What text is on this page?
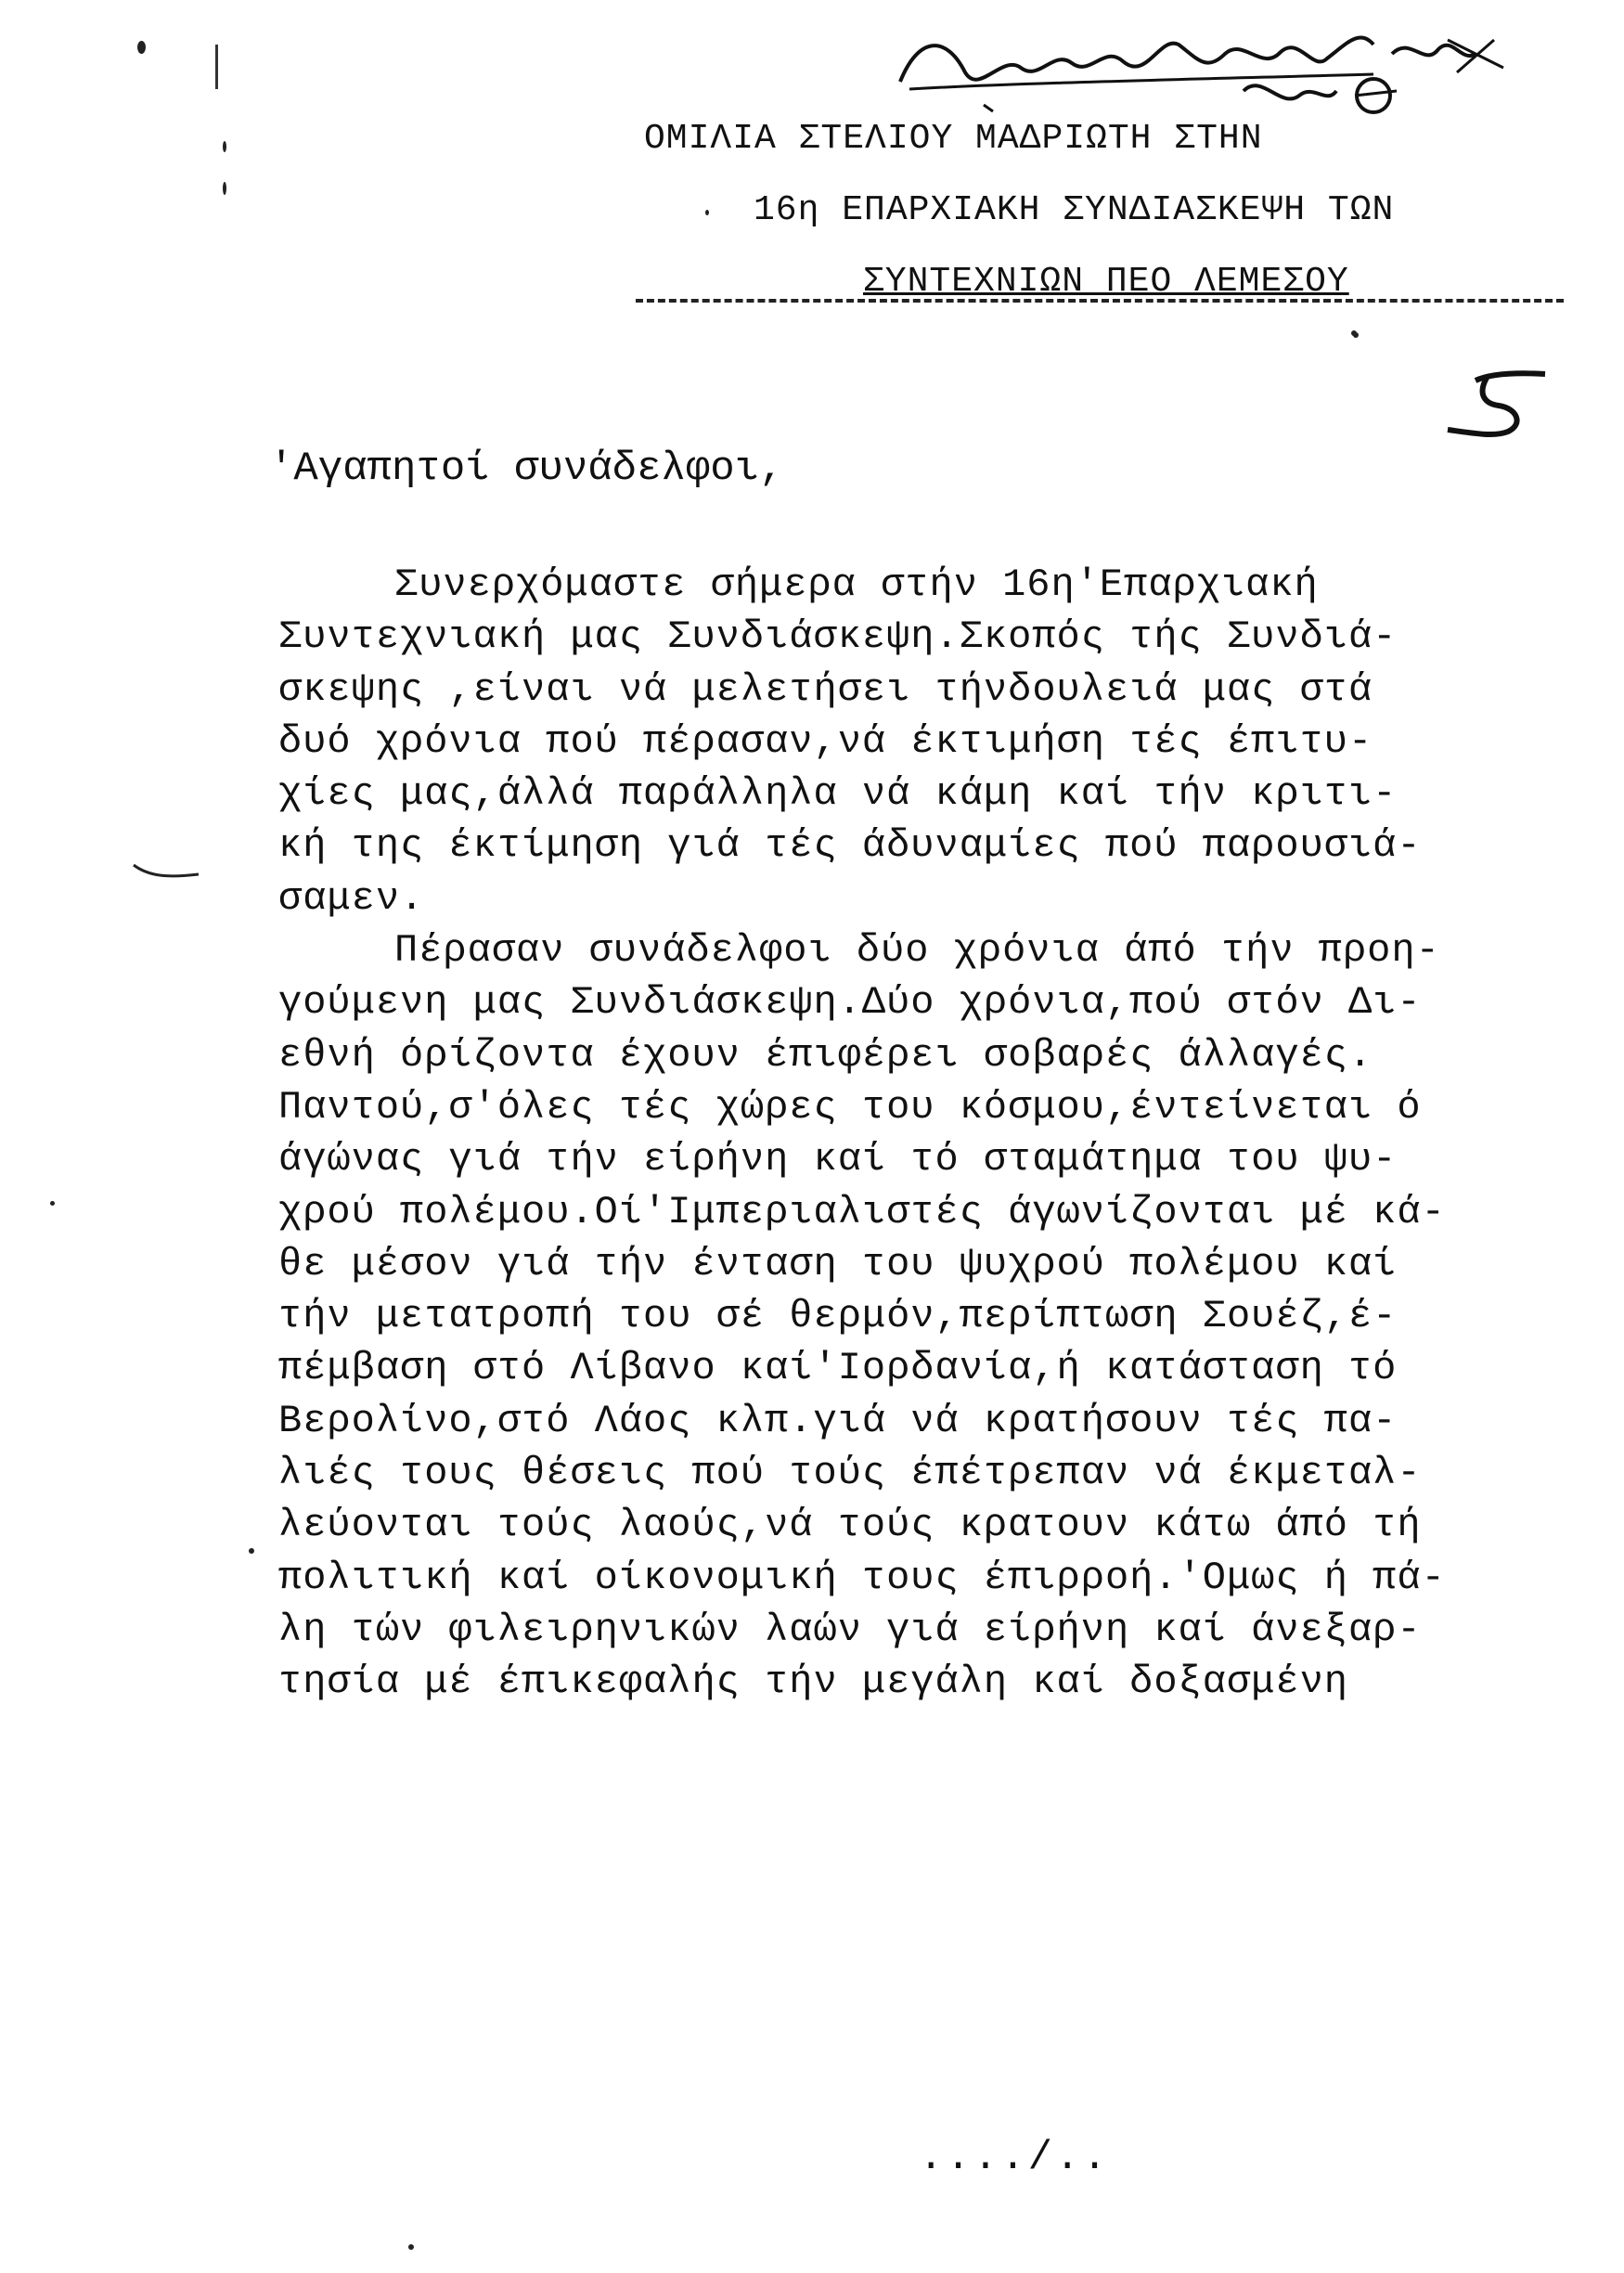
ΟΜΙΛΙΑ ΣΤΕΛΙΟΥ ΜΑΔΡΙΩΤΗ ΣΤΗΝ
16η ΕΠΑΡΧΙΑΚΗ ΣΥΝΔΙΑΣΚΕΨΗ ΤΩΝ
ΣΥΝΤΕΧΝΙΩΝ ΠΕΟ ΛΕΜΕΣΟΥ
'Αγαπητοί συνάδελφοι,
Συνερχόμαστε σήμερα στήν 16η'Επαρχιακή
Συντεχνιακή μας Συνδιάσκεψη.Σκοπός τής Συνδιά-
σκεψης ,είναι νά μελετήσει τήνδουλειά μας στά
δυό χρόνια πού πέρασαν,νά έκτιμήση τές έπιτυ-
χίες μας,άλλά παράλληλα νά κάμη καί τήν κριτι-
κή της έκτίμηση γιά τές άδυναμίες πού παρουσιά-
σαμεν.
Πέρασαν συνάδελφοι δύο χρόνια άπό τήν προη-
γούμενη μας Συνδιάσκεψη.Δύο χρόνια,πού στόν Δι-
εθνή όρίζοντα έχουν έπιφέρει σοβαρές άλλαγές.
Παντού,σ'όλες τές χώρες του κόσμου,έντείνεται ό
άγώνας γιά τήν είρήνη καί τό σταμάτημα του ψυ-
χρού πολέμου.Οί'Ιμπεριαλιστές άγωνίζονται μέ κά-
θε μέσον γιά τήν ένταση του ψυχρού πολέμου καί
τήν μετατροπή του σέ θερμόν,περίπτωση Σουέζ,έ-
πέμβαση στό Λίβανο καί'Ιορδανία,ή κατάσταση τό
Βερολίνο,στό Λάος κλπ.γιά νά κρατήσουν τές πα-
λιές τους θέσεις πού τούς έπέτρεπαν νά έκμεταλ-
λεύονται τούς λαούς,νά τούς κρατουν κάτω άπό τή
πολιτική καί οίκονομική τους έπιρροή.'Ομως ή πά-
λη τών φιλειρηνικών λαών γιά είρήνη καί άνεξαρ-
τησία μέ έπικεφαλής τήν μεγάλη καί δοξασμένη
..../..
